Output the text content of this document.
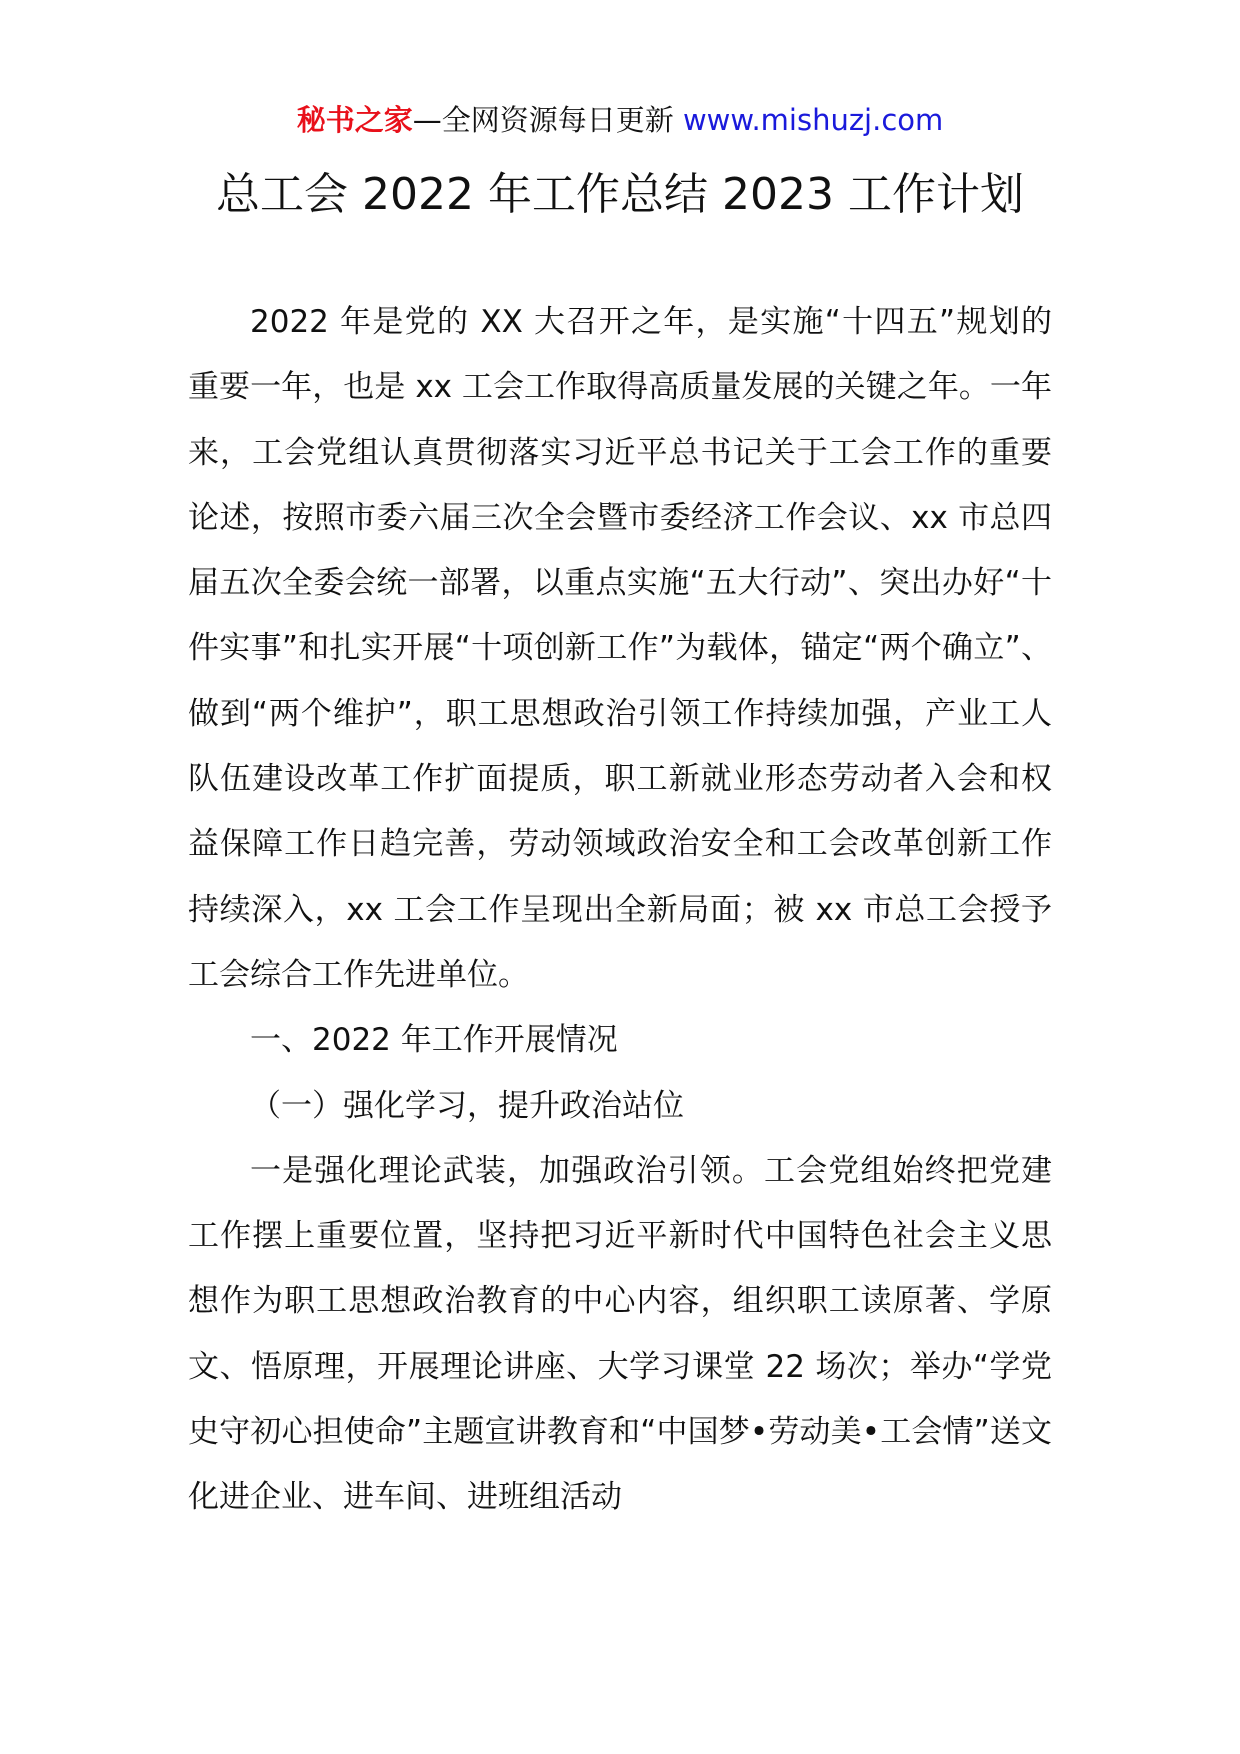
秘书之家—全网资源每日更新 www.mishuzj.com
总工会 2022 年工作总结 2023 工作计划

2022 年是党的 XX 大召开之年，是实施“十四五”规划的重要一年，也是 xx 工会工作取得高质量发展的关键之年。一年来，工会党组认真贯彻落实习近平总书记关于工会工作的重要论述，按照市委六届三次全会暨市委经济工作会议、xx 市总四届五次全委会统一部署，以重点实施“五大行动”、突出办好“十件实事”和扎实开展“十项创新工作”为载体，锚定“两个确立”、做到“两个维护”，职工思想政治引领工作持续加强，产业工人队伍建设改革工作扩面提质，职工新就业形态劳动者入会和权益保障工作日趋完善，劳动领域政治安全和工会改革创新工作持续深入，xx 工会工作呈现出全新局面；被 xx 市总工会授予工会综合工作先进单位。

一、2022 年工作开展情况

（一）强化学习，提升政治站位

一是强化理论武装，加强政治引领。工会党组始终把党建工作摆上重要位置，坚持把习近平新时代中国特色社会主义思想作为职工思想政治教育的中心内容，组织职工读原著、学原文、悟原理，开展理论讲座、大学习课堂 22 场次；举办“学党史守初心担使命”主题宣讲教育和“中国梦•劳动美•工会情”送文化进企业、进车间、进班组活动
